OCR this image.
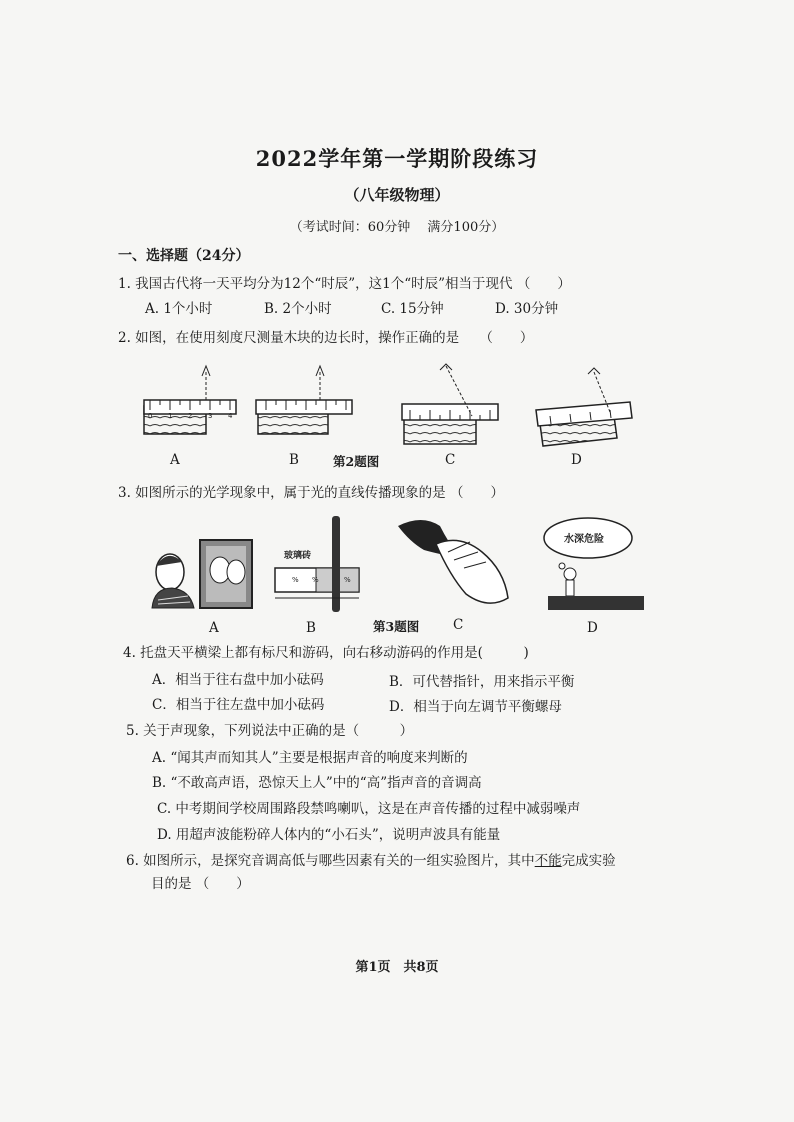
2022学年第一学期阶段练习
（八年级物理）
（考试时间：60分钟　 满分100分）
一、选择题（24分）
1. 我国古代将一天平均分为12个“时辰”，这1个“时辰”相当于现代 （　　）
A. 1个小时	B. 2个小时	C. 15分钟	D. 30分钟
2. 如图，在使用刻度尺测量木块的边长时，操作正确的是　　（　　）
0 1 2 3 4
A	B	第2题图	C	D
3. 如图所示的光学现象中，属于光的直线传播现象的是 （　　）
% %	%
玻璃砖
水深危险
A	B	第3题图	C	D
4. 托盘天平横梁上都有标尺和游码，向右移动游码的作用是(　　　)
A．相当于往右盘中加小砝码	B．可代替指针，用来指示平衡
C．相当于往左盘中加小砝码	D．相当于向左调节平衡螺母
5. 关于声现象，下列说法中正确的是（　　　）
A. “闻其声而知其人”主要是根据声音的响度来判断的
B. “不敢高声语，恐惊天上人”中的“高”指声音的音调高
C. 中考期间学校周围路段禁鸣喇叭，这是在声音传播的过程中减弱噪声
D. 用超声波能粉碎人体内的“小石头”，说明声波具有能量
6. 如图所示，是探究音调高低与哪些因素有关的一组实验图片，其中不能完成实验
目的是 （　　）
第1页　共8页
